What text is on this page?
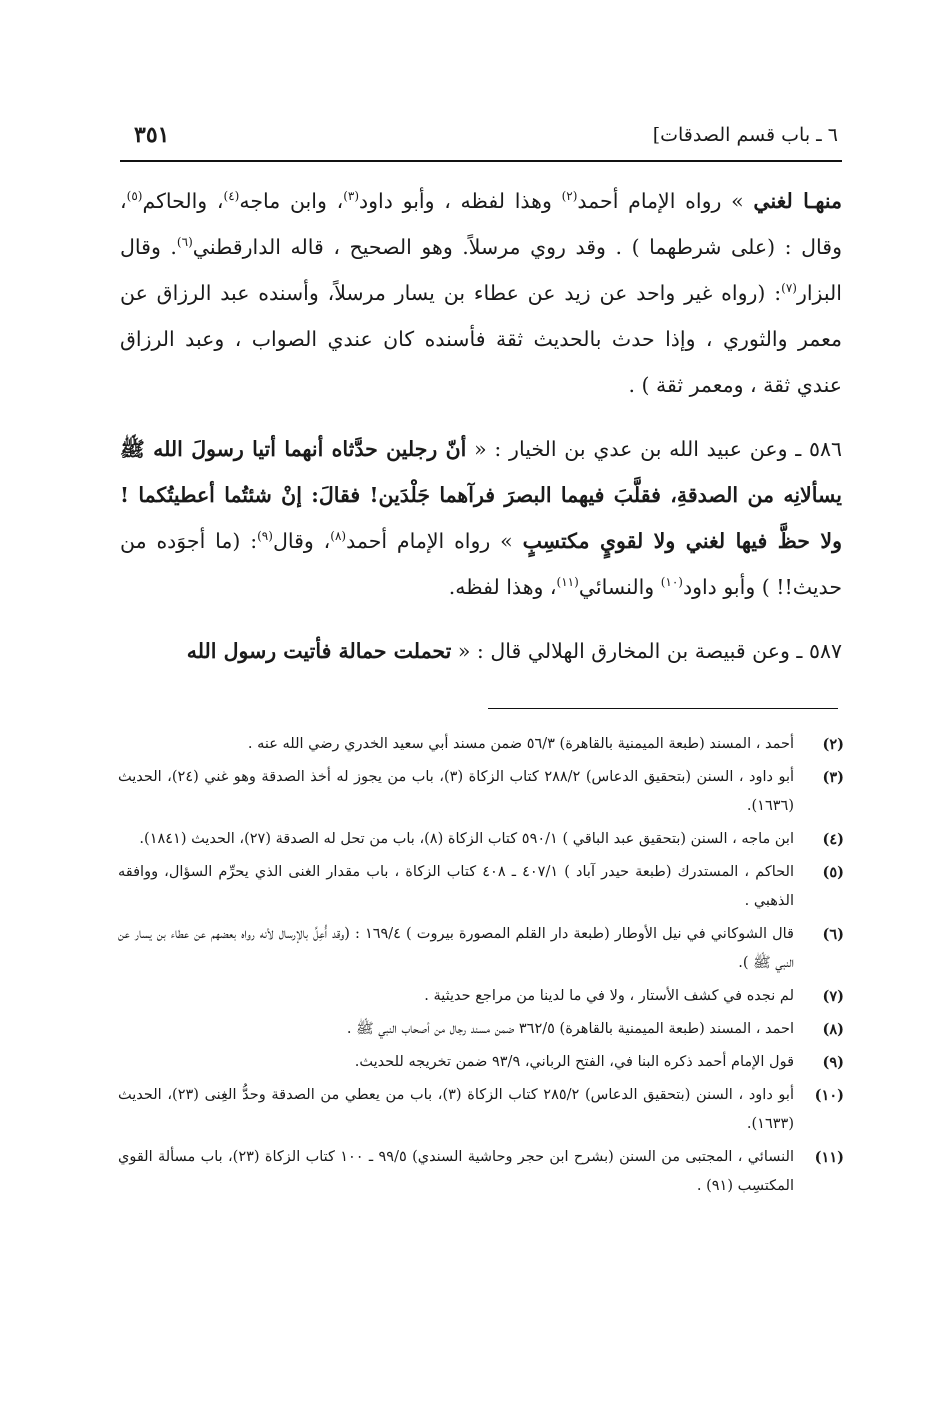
٦ ـ باب قسم الصدقات]
٣٥١

منهـا لغني » رواه الإمام أحمد$^{(٢)}$ وهذا لفظه ، وأبو داود$^{(٣)}$، وابن ماجه$^{(٤)}$، والحاكم$^{(٥)}$، وقال : (على شرطهما ) . وقد روي مرسلاً. وهو الصحيح ، قاله الدارقطني$^{(٦)}$. وقال البزار$^{(٧)}$: (رواه غير واحد عن زيد عن عطاء بن يسار مرسلاً، وأسنده عبد الرزاق عن معمر والثوري ، وإذا حدث بالحديث ثقة فأسنده كان عندي الصواب ، وعبد الرزاق عندي ثقة ، ومعمر ثقة ) .

٥٨٦ ـ وعن عبيد الله بن عدي بن الخيار : « أنّ رجلين حدَّثاه أنهما أتيا رسولَ الله ﷺ يسألانِه من الصدقةِ، فقلَّبَ فيهما البصرَ فرآهما جَلْدَين! فقالَ: إنْ شئتُما أعطيتُكما ! ولا حظَّ فيها لغني ولا لقويٍ مكتسِبٍ » رواه الإمام أحمد$^{(٨)}$، وقال$^{(٩)}$: (ما أجوَده من حديث!! ) وأبو داود$^{(١٠)}$ والنسائي$^{(١١)}$، وهذا لفظه.

٥٨٧ ـ وعن قبيصة بن المخارق الهلالي قال : « تحملت حمالة فأتيت رسول الله

(٢)
أحمد ، المسند (طبعة الميمنية بالقاهرة) ٥٦/٣ ضمن مسند أبي سعيد الخدري رضي الله عنه .
(٣)
أبو داود ، السنن (بتحقيق الدعاس) ٢٨٨/٢ كتاب الزكاة (٣)، باب من يجوز له أخذ الصدقة وهو غني (٢٤)، الحديث (١٦٣٦).
(٤)
ابن ماجه ، السنن (بتحقيق عبد الباقي ) ٥٩٠/١ كتاب الزكاة (٨)، باب من تحل له الصدقة (٢٧)، الحديث (١٨٤١).
(٥)
الحاكم ، المستدرك (طبعة حيدر آباد ) ٤٠٧/١ ـ ٤٠٨ كتاب الزكاة ، باب مقدار الغنى الذي يحرِّم السؤال، ووافقه الذهبي .
(٦)
قال الشوكاني في نيل الأوطار (طبعة دار القلم المصورة بيروت ) ١٦٩/٤ : (وقد أُعِلَّ بالإرسال لأنه رواه بعضهم عن عطاء بن يسار عن النبي ﷺ ).
(٧)
لم نجده في كشف الأستار ، ولا في ما لدينا من مراجع حديثية .
(٨)
احمد ، المسند (طبعة الميمنية بالقاهرة) ٣٦٢/٥ ضمن مسند رجال من أصحاب النبي ﷺ .
(٩)
قول الإمام أحمد ذكره البنا في، الفتح الرباني، ٩٣/٩ ضمن تخريجه للحديث.
(١٠)
أبو داود ، السنن (بتحقيق الدعاس) ٢٨٥/٢ كتاب الزكاة (٣)، باب من يعطي من الصدقة وحدُّ الغِنى (٢٣)، الحديث (١٦٣٣).
(١١)
النسائي ، المجتبى من السنن (بشرح ابن حجر وحاشية السندي) ٩٩/٥ ـ ١٠٠ كتاب الزكاة (٢٣)، باب مسألة القوي المكتسِب (٩١) .
